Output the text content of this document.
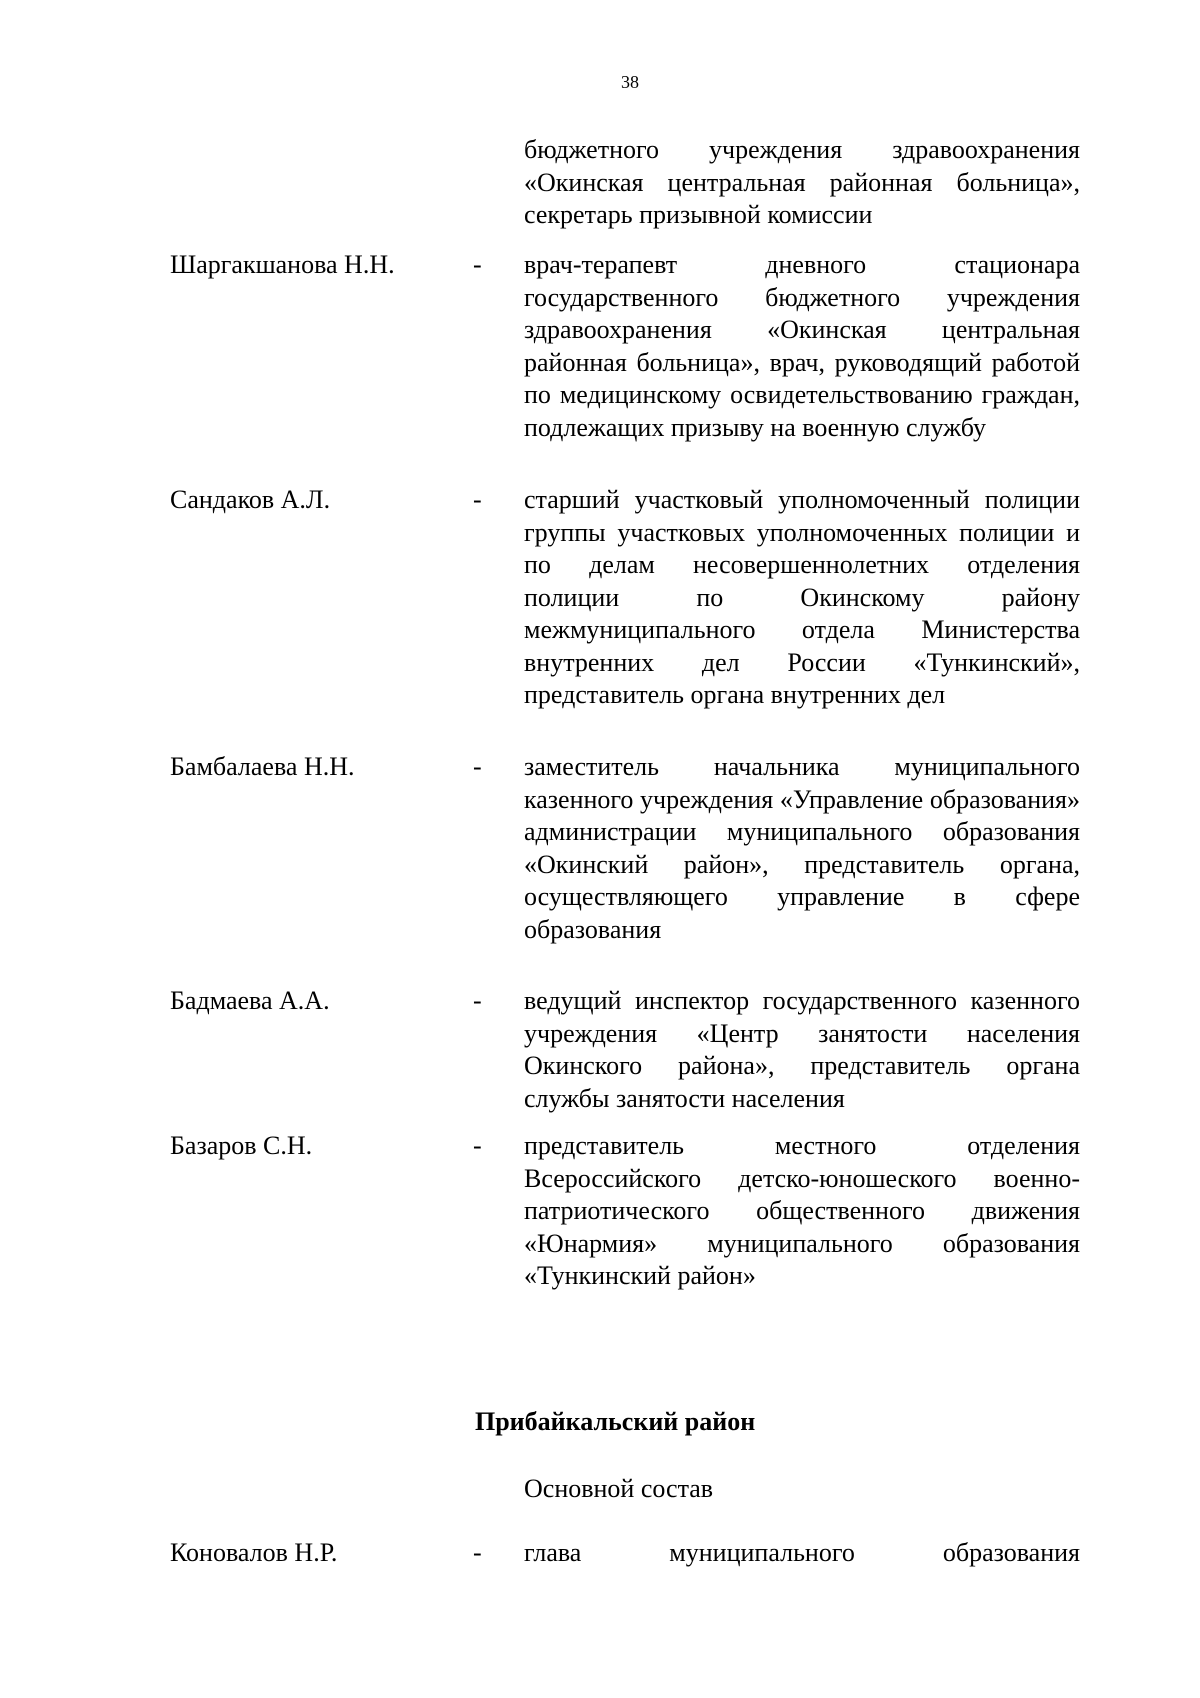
38
бюджетного учреждения здравоохранения «Окинская центральная районная больница», секретарь призывной комиссии
Шаргакшанова Н.Н.	- врач-терапевт дневного стационара государственного бюджетного учреждения здравоохранения «Окинская центральная районная больница», врач, руководящий работой по медицинскому освидетельствованию граждан, подлежащих призыву на военную службу
Сандаков А.Л.	- старший участковый уполномоченный полиции группы участковых уполномоченных полиции и по делам несовершеннолетних отделения полиции по Окинскому району межмуниципального отдела Министерства внутренних дел России «Тункинский», представитель органа внутренних дел
Бамбалаева Н.Н.	- заместитель начальника муниципального казенного учреждения «Управление образования» администрации муниципального образования «Окинский район», представитель органа, осуществляющего управление в сфере образования
Бадмаева А.А.	- ведущий инспектор государственного казенного учреждения «Центр занятости населения Окинского района», представитель органа службы занятости населения
Базаров С.Н.	- представитель местного отделения Всероссийского детско-юношеского военно-патриотического общественного движения «Юнармия» муниципального образования «Тункинский район»
Прибайкальский район
Основной состав
Коновалов Н.Р.	- глава муниципального образования
